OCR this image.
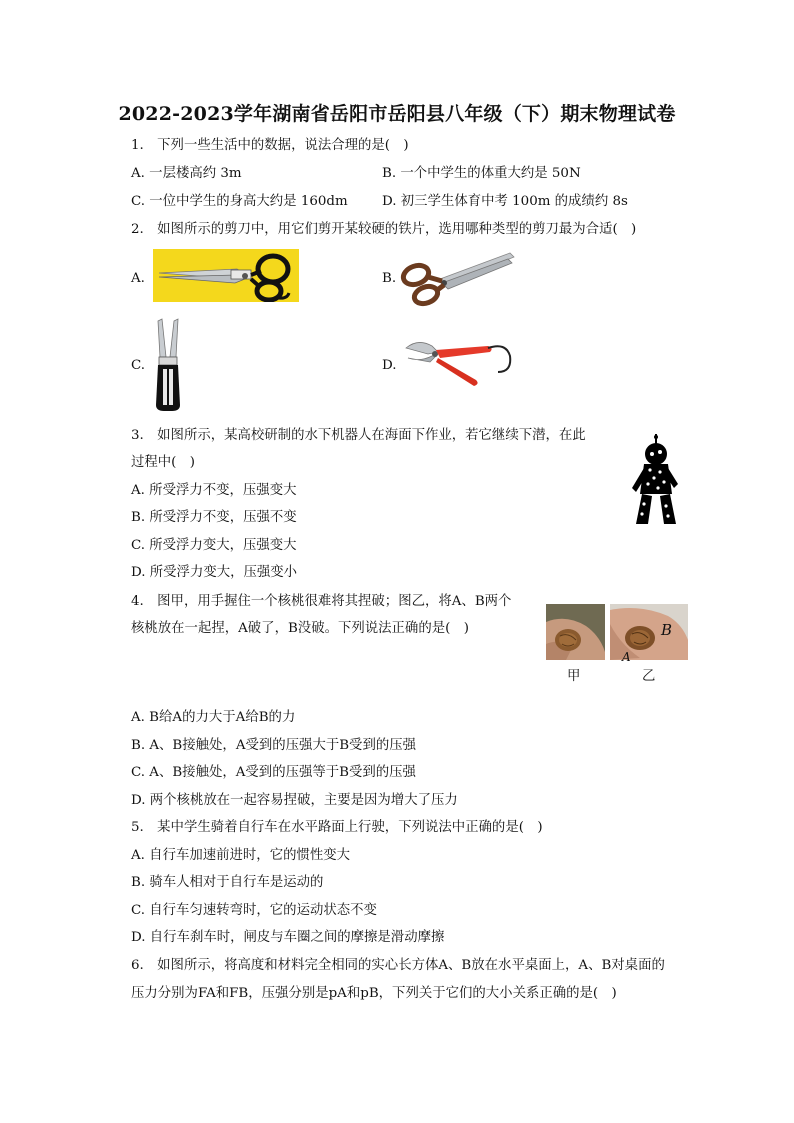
2022-2023学年湖南省岳阳市岳阳县八年级（下）期末物理试卷
1.　下列一些生活中的数据，说法合理的是(　)
A. 一层楼高约 3m	B. 一个中学生的体重大约是 50N
C. 一位中学生的身高大约是 160dm	D. 初三学生体育中考 100m 的成绩约 8s
2.　如图所示的剪刀中，用它们剪开某较硬的铁片，选用哪种类型的剪刀最为合适(　)
A.	B.
C.	D.
3.　如图所示，某高校研制的水下机器人在海面下作业，若它继续下潜，在此
过程中(　)
A. 所受浮力不变，压强变大
B. 所受浮力不变，压强不变
C. 所受浮力变大，压强变大
D. 所受浮力变大，压强变小
4.　图甲，用手握住一个核桃很难将其捏破；图乙，将A、B两个
核桃放在一起捏，A破了，B没破。下列说法正确的是(　)	B
A
甲	乙
A. B给A的力大于A给B的力
B. A、B接触处，A受到的压强大于B受到的压强
C. A、B接触处，A受到的压强等于B受到的压强
D. 两个核桃放在一起容易捏破，主要是因为增大了压力
5.　某中学生骑着自行车在水平路面上行驶，下列说法中正确的是(　)
A. 自行车加速前进时，它的惯性变大
B. 骑车人相对于自行车是运动的
C. 自行车匀速转弯时，它的运动状态不变
D. 自行车刹车时，闸皮与车圈之间的摩擦是滑动摩擦
6.　如图所示，将高度和材料完全相同的实心长方体A、B放在水平桌面上，A、B对桌面的
压力分别为FA和FB，压强分别是pA和pB，下列关于它们的大小关系正确的是(　)
